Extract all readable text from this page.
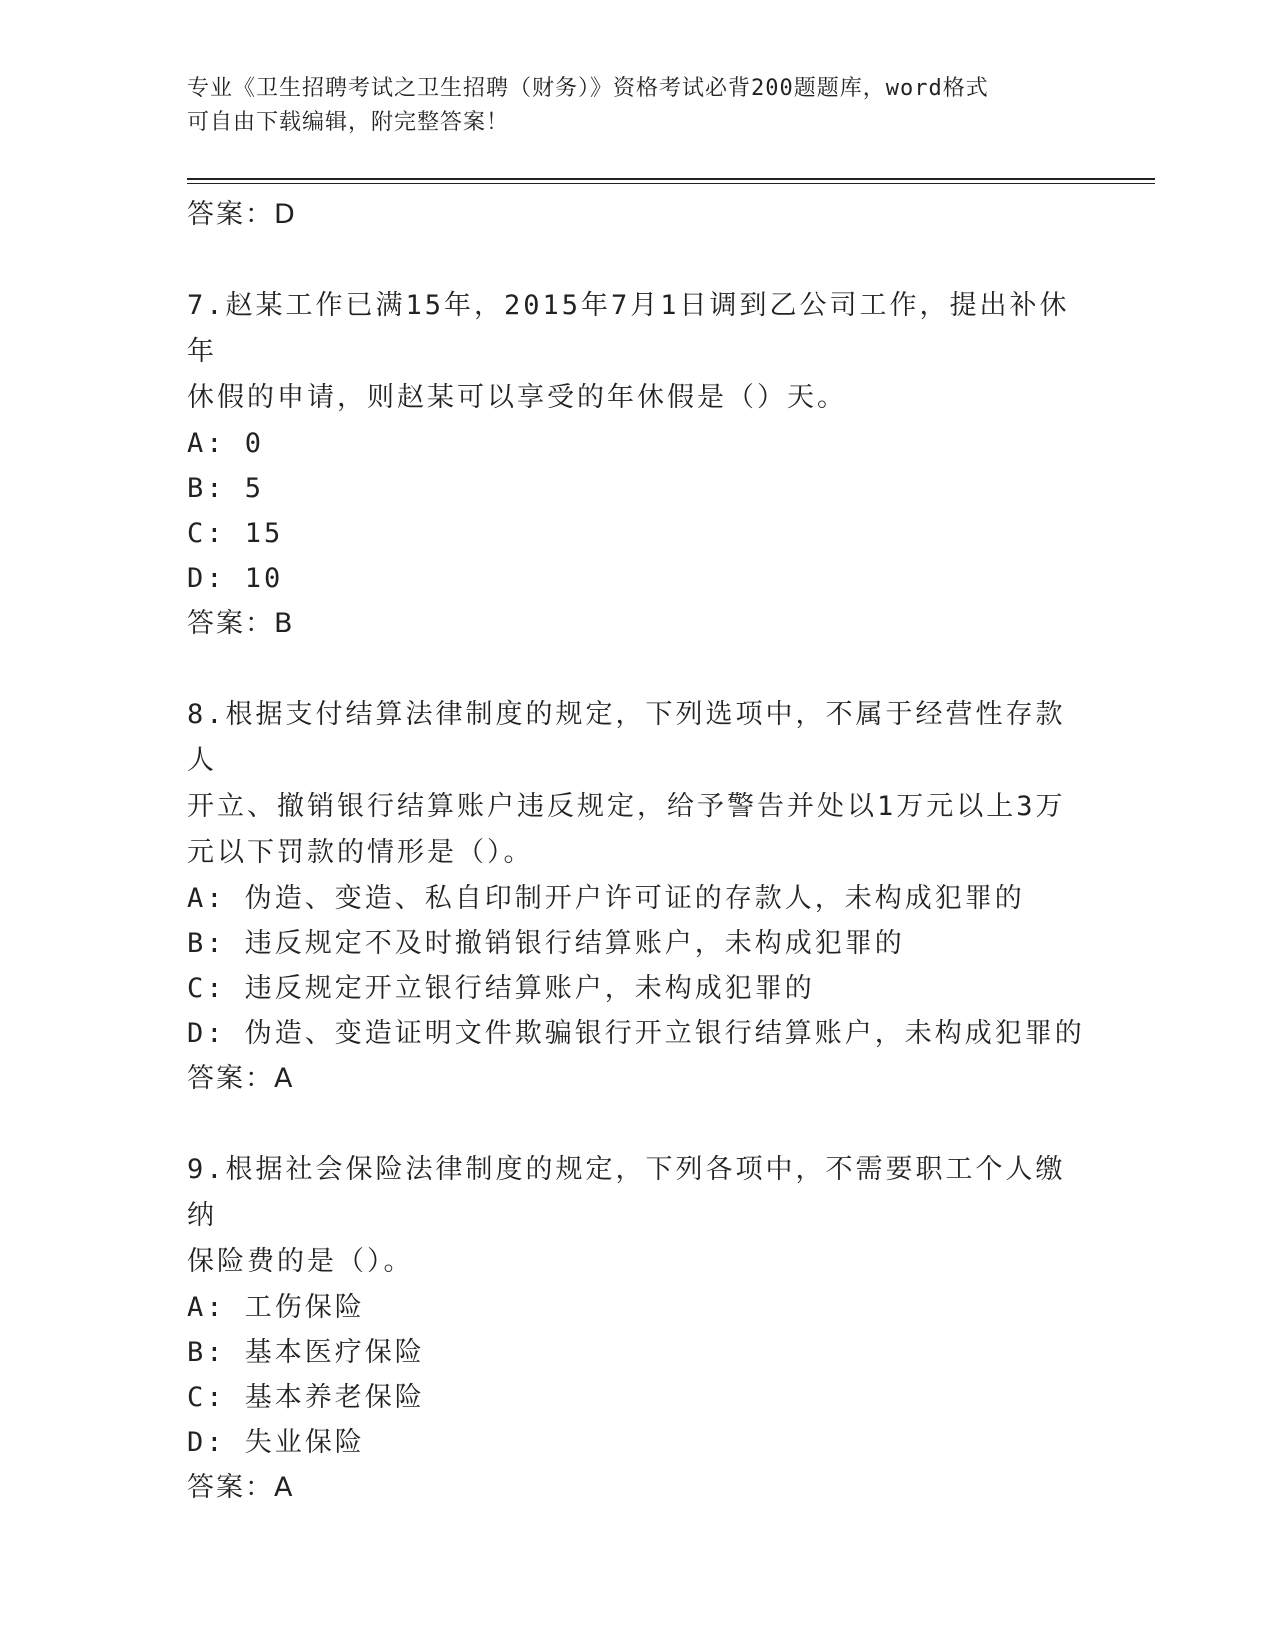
专业《卫生招聘考试之卫生招聘（财务）》资格考试必背200题题库，word格式
可自由下载编辑，附完整答案！

答案：D

7.赵某工作已满15年，2015年7月1日调到乙公司工作，提出补休年

休假的申请，则赵某可以享受的年休假是（）天。

A: 0

B: 5

C: 15

D: 10

答案：B

8.根据支付结算法律制度的规定，下列选项中，不属于经营性存款人

开立、撤销银行结算账户违反规定，给予警告并处以1万元以上3万

元以下罚款的情形是（）。

A: 伪造、变造、私自印制开户许可证的存款人，未构成犯罪的

B: 违反规定不及时撤销银行结算账户，未构成犯罪的

C: 违反规定开立银行结算账户，未构成犯罪的

D: 伪造、变造证明文件欺骗银行开立银行结算账户，未构成犯罪的

答案：A

9.根据社会保险法律制度的规定，下列各项中，不需要职工个人缴纳

保险费的是（）。

A: 工伤保险

B: 基本医疗保险

C: 基本养老保险

D: 失业保险

答案：A
